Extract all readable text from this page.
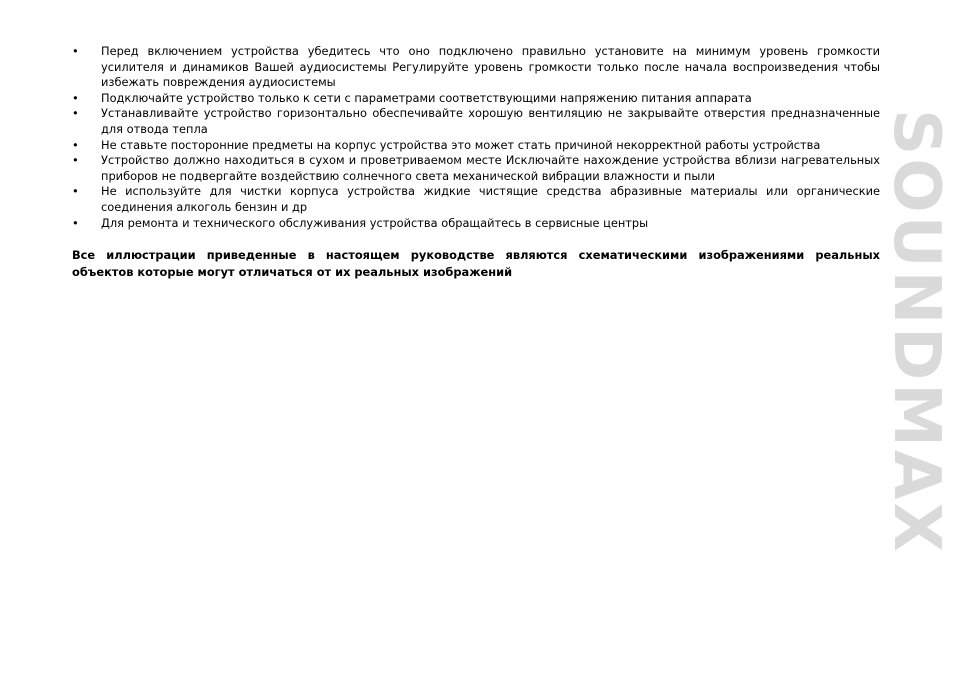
•	Перед включением устройства убедитесь что оно подключено правильно установите на минимум уровень громкости усилителя и динамиков Вашей аудиосистемы Регулируйте уровень громкости только после начала воспроизведения чтобы избежать повреждения аудиосистемы
•	Подключайте устройство только к сети с параметрами соответствующими напряжению питания аппарата
•	Устанавливайте устройство горизонтально обеспечивайте хорошую вентиляцию не закрывайте отверстия предназначенные для отвода тепла
•	Не ставьте посторонние предметы на корпус устройства это может стать причиной некорректной работы устройства
•	Устройство должно находиться в сухом и проветриваемом месте Исключайте нахождение устройства вблизи нагревательных приборов не подвергайте воздействию солнечного света механической вибрации влажности и пыли
•	Не используйте для чистки корпуса устройства жидкие чистящие средства абразивные материалы или органические соединения алкоголь бензин и др
•	Для ремонта и технического обслуживания устройства обращайтесь в сервисные центры

Все иллюстрации приведенные в настоящем руководстве являются схематическими изображениями реальных объектов которые могут отличаться от их реальных изображений	SOUNDMAX
